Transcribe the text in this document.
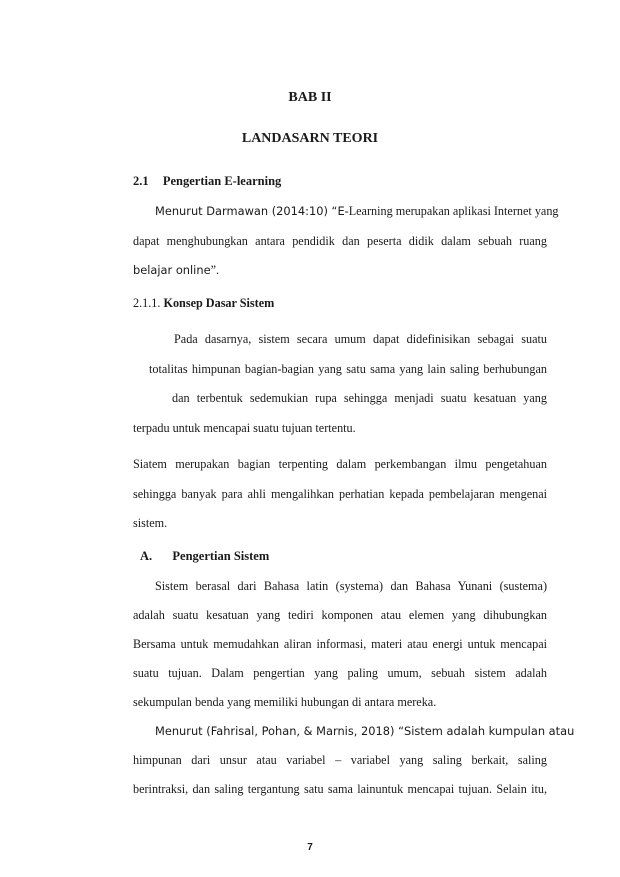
BAB II
LANDASARN TEORI
2.1 Pengertian E-learning
Menurut Darmawan (2014:10) “E-Learning merupakan aplikasi Internet yang
dapat menghubungkan antara pendidik dan peserta didik dalam sebuah ruang
belajar online”.
2.1.1. Konsep Dasar Sistem
Pada dasarnya, sistem secara umum dapat didefinisikan sebagai suatu
totalitas himpunan bagian-bagian yang satu sama yang lain saling berhubungan
dan terbentuk sedemukian rupa sehingga menjadi suatu kesatuan yang
terpadu untuk mencapai suatu tujuan tertentu.
Siatem merupakan bagian terpenting dalam perkembangan ilmu pengetahuan
sehingga banyak para ahli mengalihkan perhatian kepada pembelajaran mengenai
sistem.
A. Pengertian Sistem
Sistem berasal dari Bahasa latin (systema) dan Bahasa Yunani (sustema)
adalah suatu kesatuan yang tediri komponen atau elemen yang dihubungkan
Bersama untuk memudahkan aliran informasi, materi atau energi untuk mencapai
suatu tujuan. Dalam pengertian yang paling umum, sebuah sistem adalah
sekumpulan benda yang memiliki hubungan di antara mereka.
Menurut (Fahrisal, Pohan, & Marnis, 2018) “Sistem adalah kumpulan atau
himpunan dari unsur atau variabel – variabel yang saling berkait, saling
berintraksi, dan saling tergantung satu sama lainuntuk mencapai tujuan. Selain itu,
7
